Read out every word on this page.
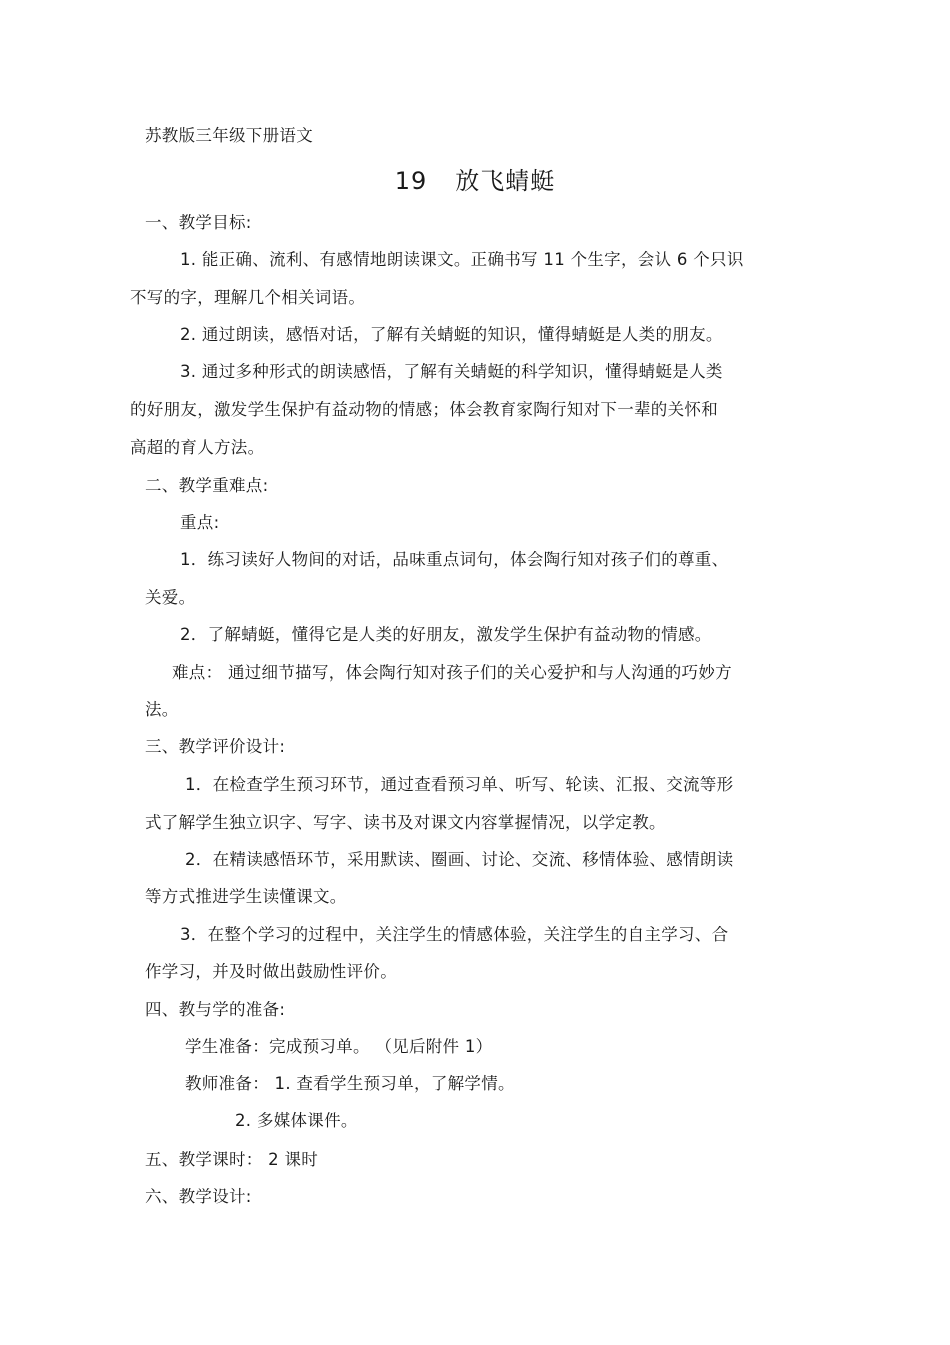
苏教版三年级下册语文
19 放飞蜻蜓
一、教学目标:
1. 能正确、流利、有感情地朗读课文。正确书写 11 个生字，会认 6 个只识
不写的字，理解几个相关词语。
2. 通过朗读，感悟对话，了解有关蜻蜓的知识，懂得蜻蜓是人类的朋友。
3. 通过多种形式的朗读感悟，了解有关蜻蜓的科学知识，懂得蜻蜓是人类
的好朋友，激发学生保护有益动物的情感；体会教育家陶行知对下一辈的关怀和
高超的育人方法。
二、教学重难点:
重点:
1．练习读好人物间的对话，品味重点词句，体会陶行知对孩子们的尊重、
关爱。
2．了解蜻蜓，懂得它是人类的好朋友，激发学生保护有益动物的情感。
难点： 通过细节描写，体会陶行知对孩子们的关心爱护和与人沟通的巧妙方
法。
三、教学评价设计:
1．在检查学生预习环节，通过查看预习单、听写、轮读、汇报、交流等形
式了解学生独立识字、写字、读书及对课文内容掌握情况，以学定教。
2．在精读感悟环节，采用默读、圈画、讨论、交流、移情体验、感情朗读
等方式推进学生读懂课文。
3．在整个学习的过程中，关注学生的情感体验，关注学生的自主学习、合
作学习，并及时做出鼓励性评价。
四、教与学的准备:
学生准备：完成预习单。 （见后附件 1）
教师准备： 1. 查看学生预习单，了解学情。
2. 多媒体课件。
五、教学课时： 2 课时
六、教学设计:
